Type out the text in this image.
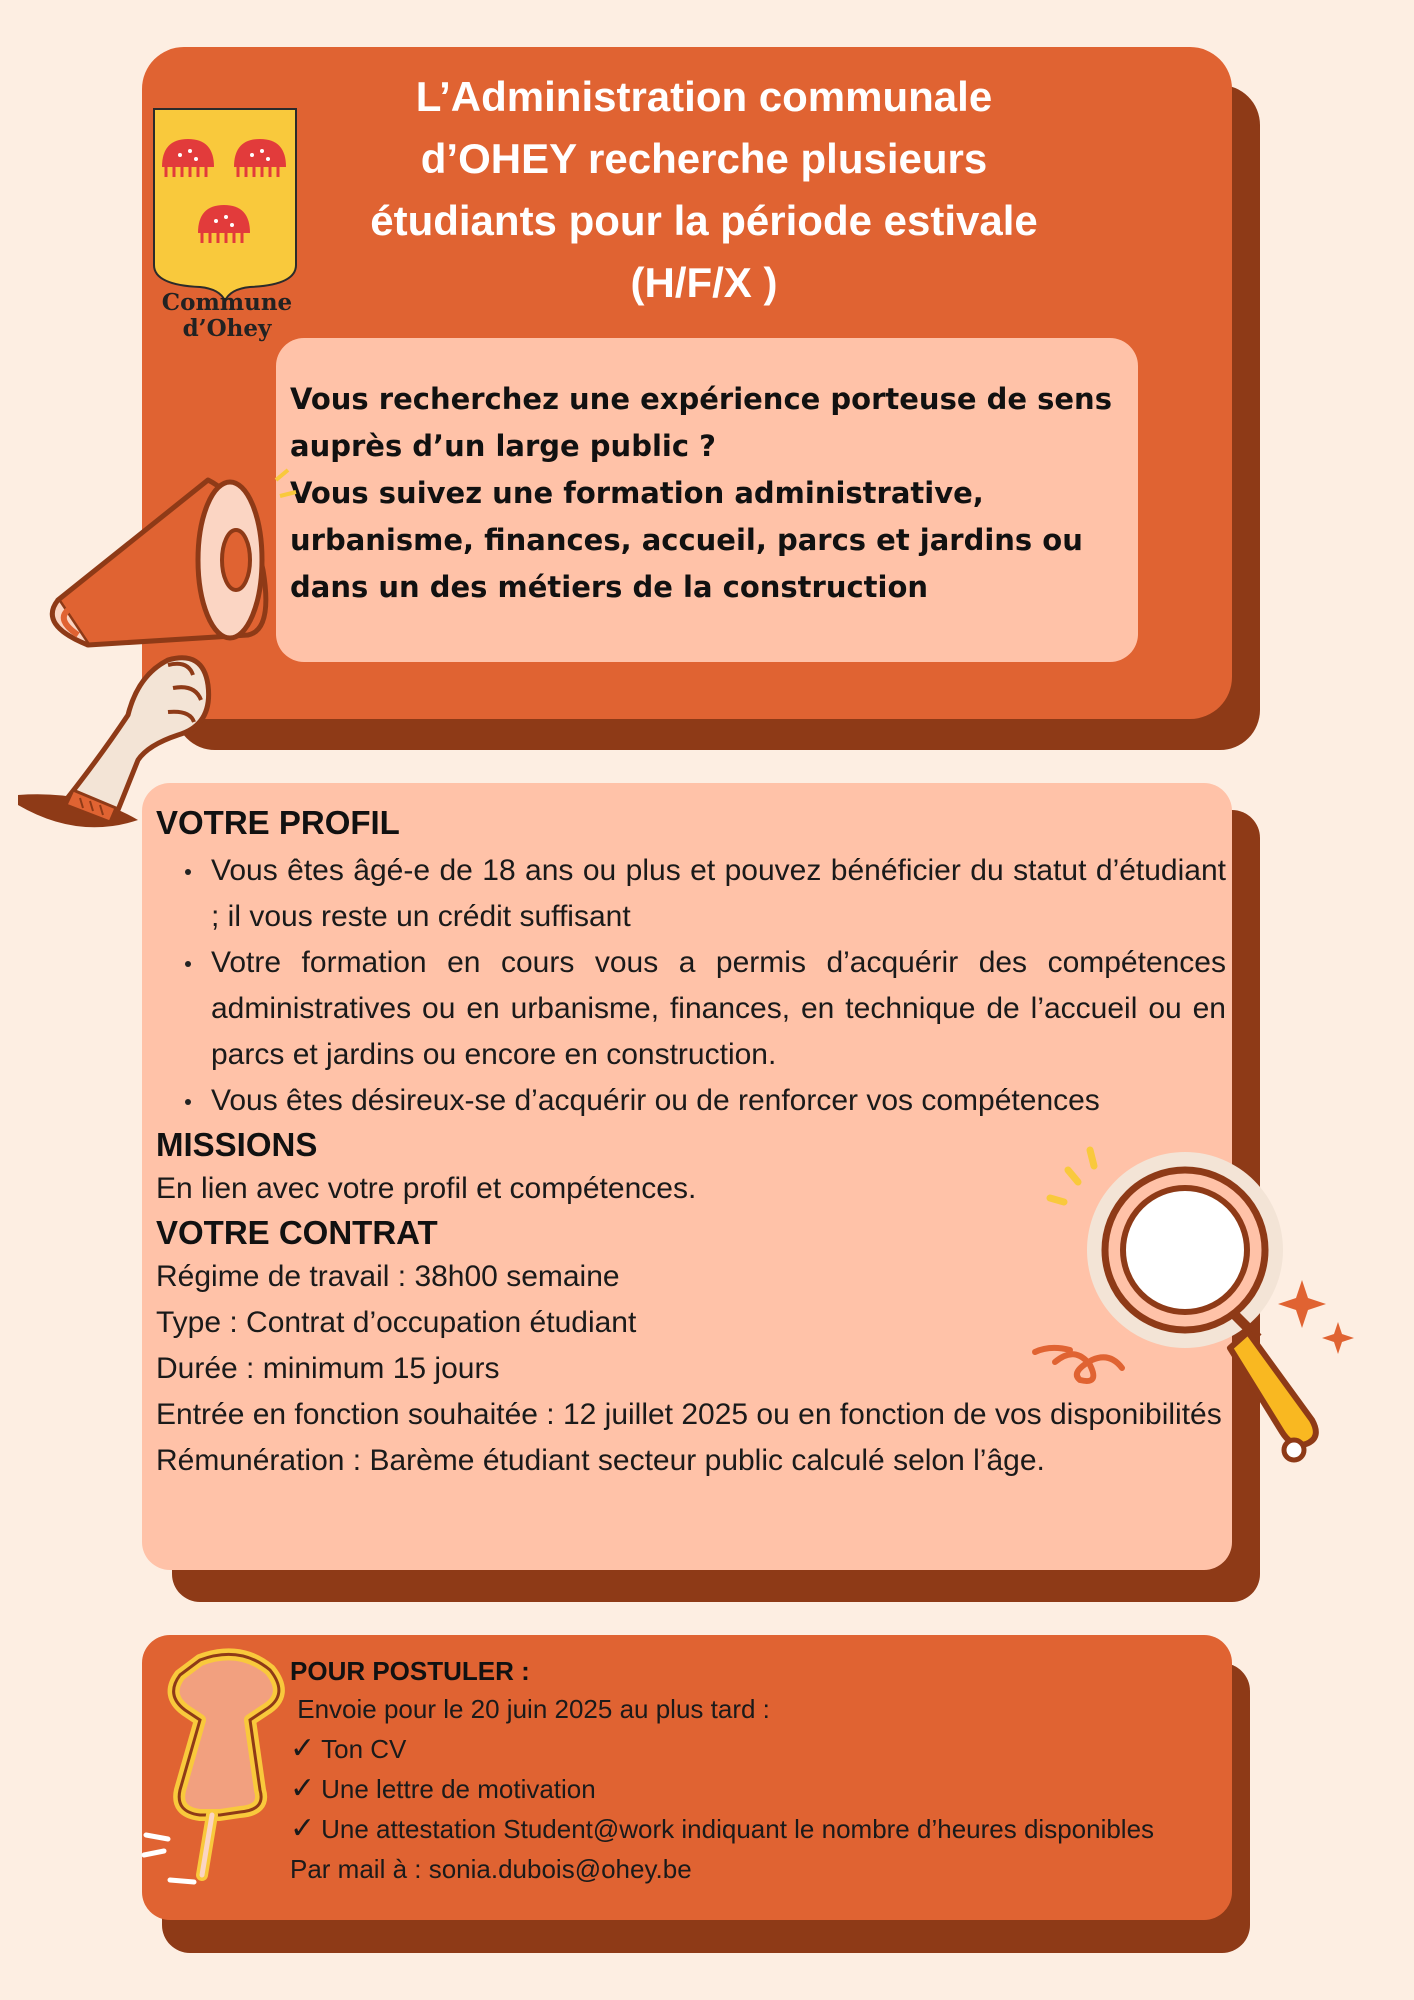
L’Administration communale
d’OHEY recherche plusieurs
étudiants pour la période estivale
(H/F/X )
Commune
d’Ohey

Vous recherchez une expérience porteuse de sens
auprès d’un large public ?
Vous suivez une formation administrative,
urbanisme, finances, accueil, parcs et jardins ou
dans un des métiers de la construction

VOTRE PROFIL
Vous êtes âgé-e de 18 ans ou plus et pouvez bénéficier du statut d’étudiant ; il vous reste un crédit suffisant
Votre formation en cours vous a permis d’acquérir des compétences administratives ou en urbanisme, finances, en technique de l’accueil ou en parcs et jardins ou encore en construction.
Vous êtes désireux-se d’acquérir ou de renforcer vos compétences
MISSIONS

En lien avec votre profil et compétences.

VOTRE CONTRAT

Régime de travail : 38h00 semaine

Type : Contrat d’occupation étudiant

Durée : minimum 15 jours

Entrée en fonction souhaitée : 12 juillet 2025 ou en fonction de vos disponibilités

Rémunération : Barème étudiant secteur public calculé selon l’âge.

POUR POSTULER :

Envoie pour le 20 juin 2025 au plus tard :

✓ Ton CV

✓ Une lettre de motivation

✓ Une attestation Student@work indiquant le nombre d’heures disponibles

Par mail à : sonia.dubois@ohey.be
